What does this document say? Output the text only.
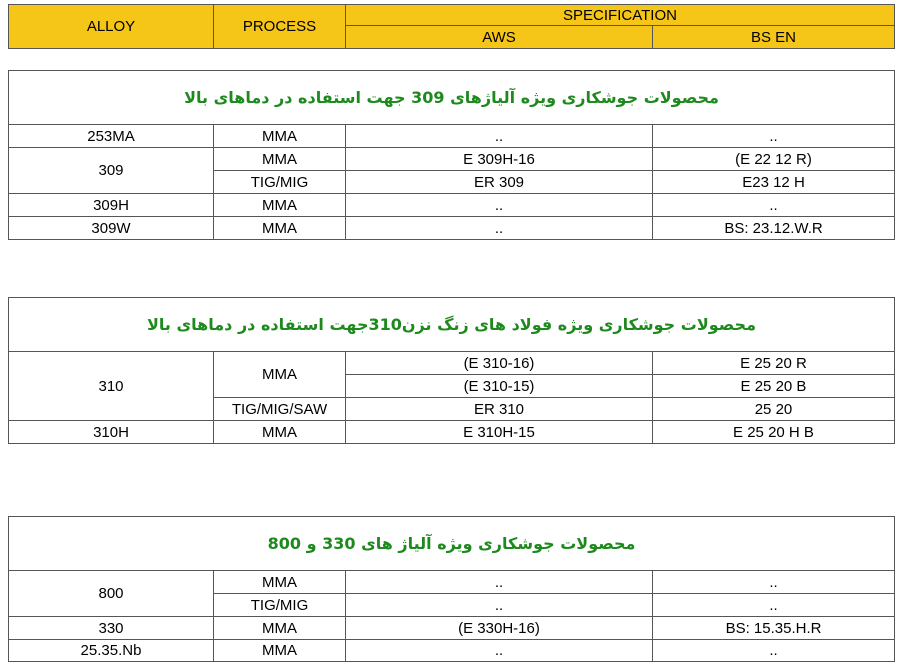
ALLOY	PROCESS	SPECIFICATION	
		AWS	BS EN
محصولات جوشکاری ویژه آلیاژهای 309 جهت استفاده در دماهای بالا			
253MA	MMA	..	..
309	MMA	E 309H-16	(E 22 12 R)
	TIG/MIG	ER 309	E23 12 H
309H	MMA	..	..
309W	MMA	..	BS: 23.12.W.R
محصولات جوشکاری ویژه فولاد های زنگ نزن310جهت استفاده در دماهای بالا			
310	MMA	(E 310-16)	E 25 20 R
		(E 310-15)	E 25 20 B
	TIG/MIG/SAW	ER 310	25 20
310H	MMA	E 310H-15	E 25 20 H B
محصولات جوشکاری ویژه آلیاژ های 330 و 800			
800	MMA	..	..
	TIG/MIG	..	..
330	MMA	(E 330H-16)	BS: 15.35.H.R
25.35.Nb	MMA	..	..
